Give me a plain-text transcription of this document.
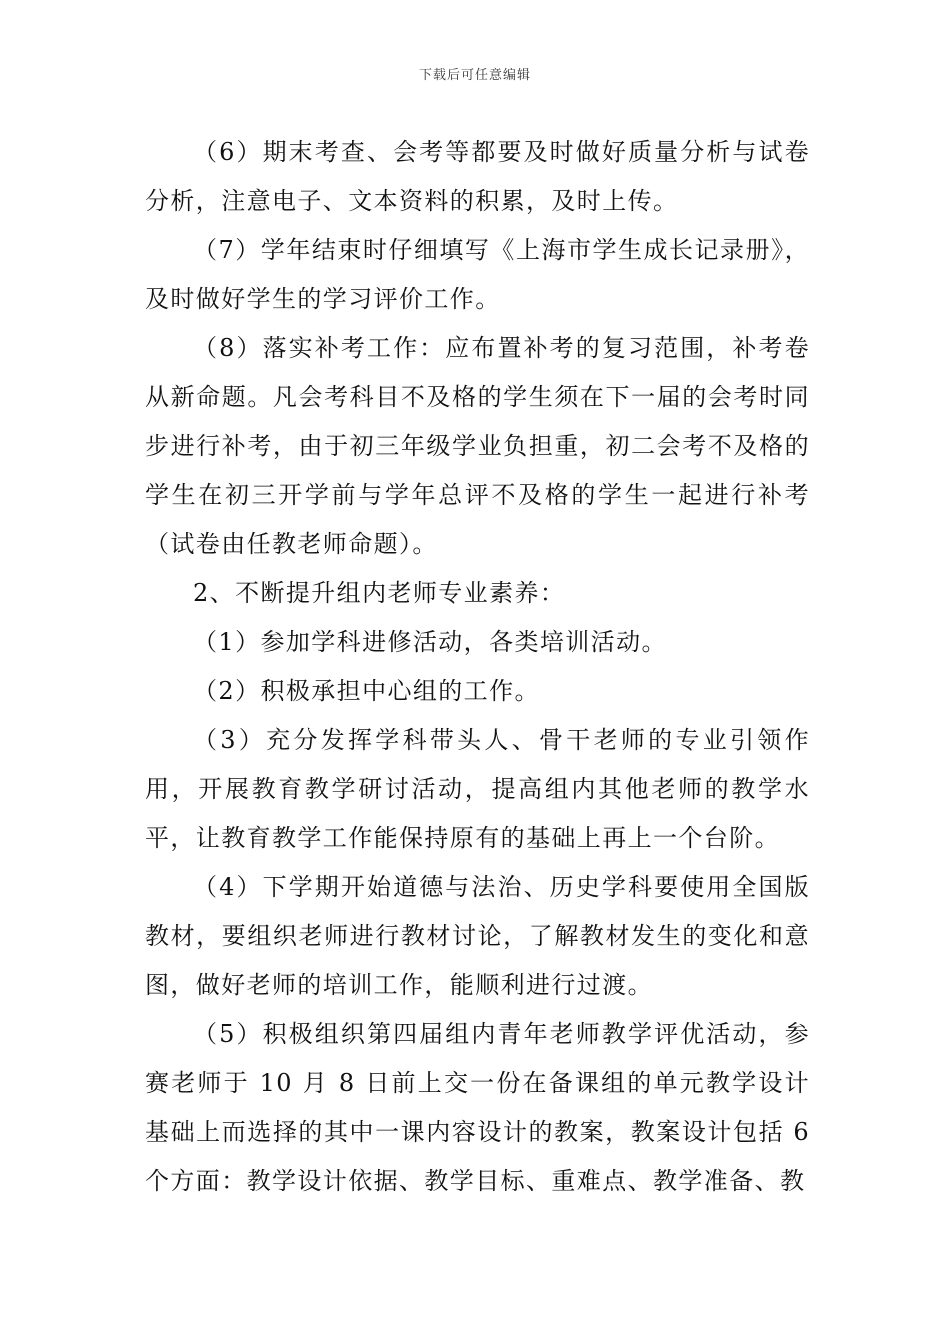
下载后可任意编辑

（6）期末考查、会考等都要及时做好质量分析与试卷分析，注意电子、文本资料的积累，及时上传。

（7）学年结束时仔细填写《上海市学生成长记录册》，及时做好学生的学习评价工作。

（8）落实补考工作：应布置补考的复习范围，补考卷从新命题。凡会考科目不及格的学生须在下一届的会考时同步进行补考，由于初三年级学业负担重，初二会考不及格的学生在初三开学前与学年总评不及格的学生一起进行补考（试卷由任教老师命题）。

2、不断提升组内老师专业素养：

（1）参加学科进修活动，各类培训活动。

（2）积极承担中心组的工作。

（3）充分发挥学科带头人、骨干老师的专业引领作用，开展教育教学研讨活动，提高组内其他老师的教学水平，让教育教学工作能保持原有的基础上再上一个台阶。

（4）下学期开始道德与法治、历史学科要使用全国版教材，要组织老师进行教材讨论，了解教材发生的变化和意图，做好老师的培训工作，能顺利进行过渡。

（5）积极组织第四届组内青年老师教学评优活动，参赛老师于 10 月 8 日前上交一份在备课组的单元教学设计基础上而选择的其中一课内容设计的教案，教案设计包括 6 个方面：教学设计依据、教学目标、重难点、教学准备、教
